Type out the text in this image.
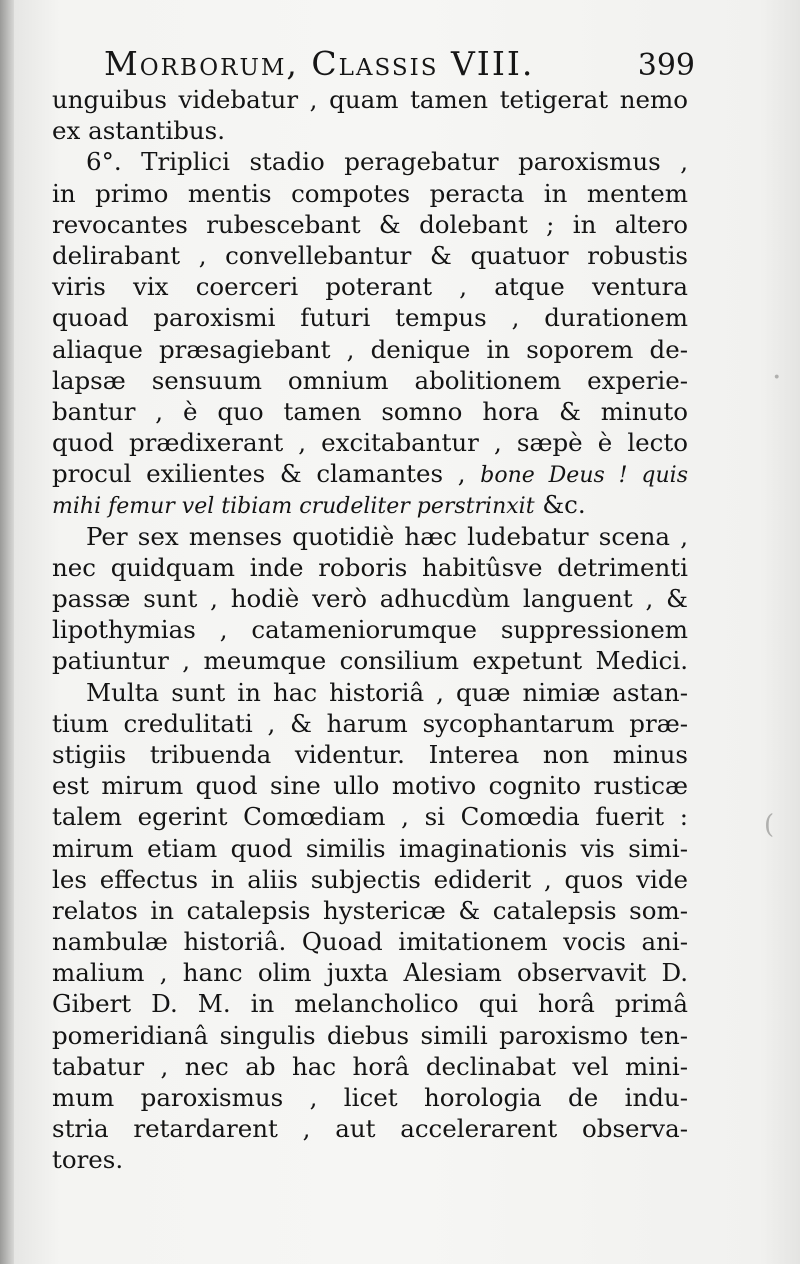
Morborum, Classis VIII.	399
unguibus videbatur , quam tamen tetigerat nemo
ex astantibus.
6°. Triplici stadio peragebatur paroxismus ,
in primo mentis compotes peracta in mentem
revocantes rubescebant & dolebant ; in altero
delirabant , convellebantur & quatuor robustis
viris vix coerceri poterant , atque ventura
quoad paroxismi futuri tempus , durationem
aliaque præsagiebant , denique in soporem de-
lapsæ sensuum omnium abolitionem experie-
bantur , è quo tamen somno hora & minuto
quod prædixerant , excitabantur , sæpè è lecto
procul exilientes & clamantes , bone Deus ! quis
mihi femur vel tibiam crudeliter perstrinxit &c.
Per sex menses quotidiè hæc ludebatur scena ,
nec quidquam inde roboris habitûsve detrimenti
passæ sunt , hodiè verò adhucdùm languent , &
lipothymias , catameniorumque suppressionem
patiuntur , meumque consilium expetunt Medici.
Multa sunt in hac historiâ , quæ nimiæ astan-
tium credulitati , & harum sycophantarum præ-
stigiis tribuenda videntur. Interea non minus
est mirum quod sine ullo motivo cognito rusticæ
talem egerint Comœdiam , si Comœdia fuerit :
mirum etiam quod similis imaginationis vis simi-
les effectus in aliis subjectis ediderit , quos vide
relatos in catalepsis hystericæ & catalepsis som-
nambulæ historiâ. Quoad imitationem vocis ani-
malium , hanc olim juxta Alesiam observavit D.
Gibert D. M. in melancholico qui horâ primâ
pomeridianâ singulis diebus simili paroxismo ten-
tabatur , nec ab hac horâ declinabat vel mini-
mum paroxismus , licet horologia de indu-
stria retardarent , aut accelerarent observa-
tores.
·
(
